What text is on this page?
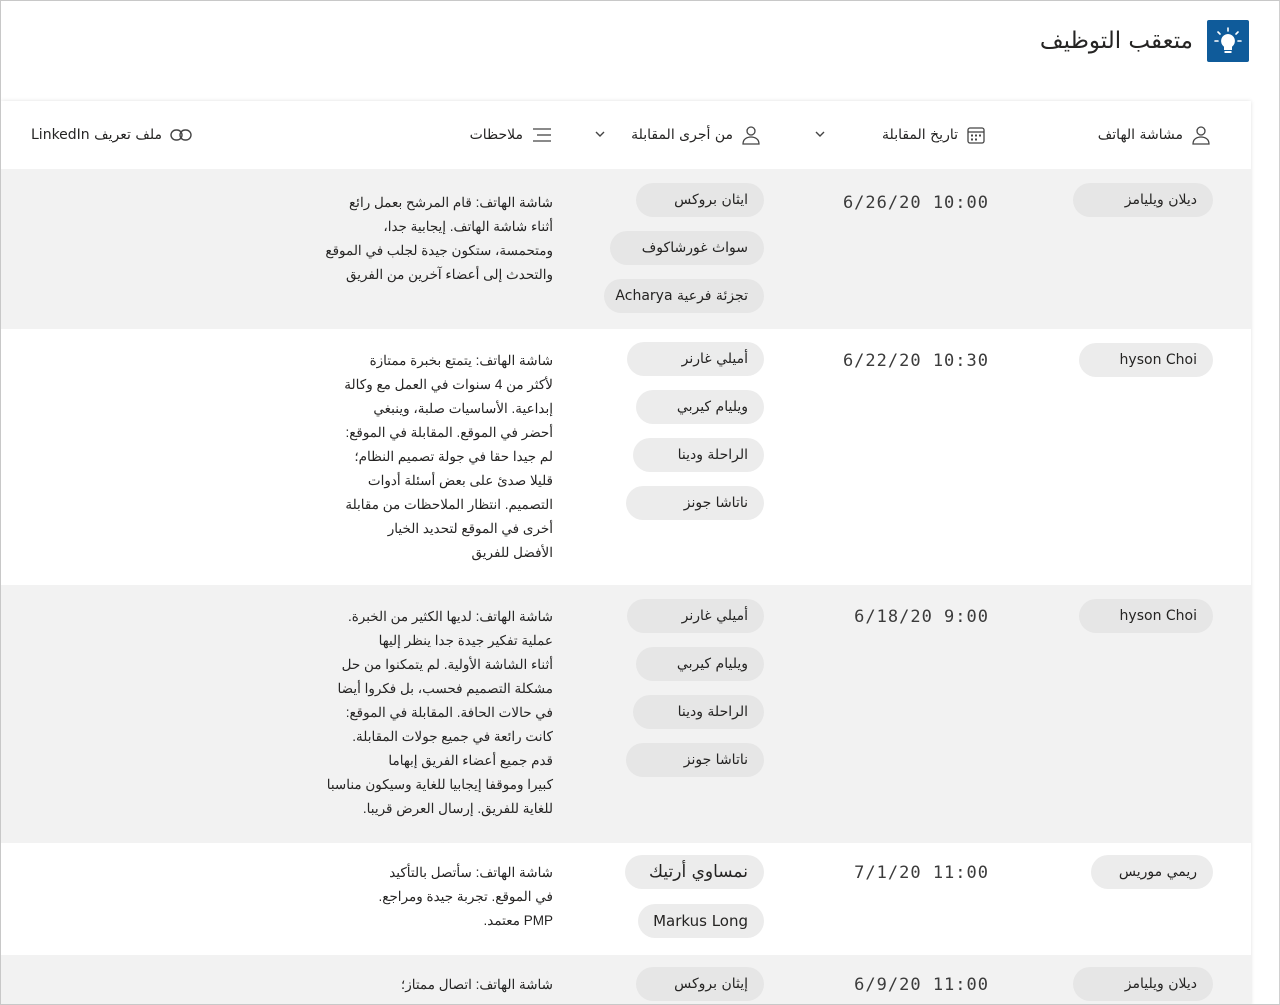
متعقب التوظيف
مشاشة الهاتف
تاريخ المقابلة
من أجرى المقابلة
ملاحظات
ملف تعريف LinkedIn
ديلان ويليامز
6/26/20 10:00
ايثان بروكس
سواث غورشاكوف
تجزئة فرعية Acharya
شاشة الهاتف: قام المرشح بعمل رائع
أثناء شاشة الهاتف. إيجابية جدا،
ومتحمسة، ستكون جيدة لجلب في الموقع
والتحدث إلى أعضاء آخرين من الفريق
hyson Choi
6/22/20 10:30
أميلي غارنر
ويليام كيربي
الراحلة ودينا
ناتاشا جونز
شاشة الهاتف: يتمتع بخبرة ممتازة
لأكثر من 4 سنوات في العمل مع وكالة
إبداعية. الأساسيات صلبة، وينبغي
أحضر في الموقع. المقابلة في الموقع:
لم جيدا حقا في جولة تصميم النظام؛
قليلا صدئ على بعض أسئلة أدوات
التصميم. انتظار الملاحظات من مقابلة
أخرى في الموقع لتحديد الخيار
الأفضل للفريق
hyson Choi
6/18/20 9:00
أميلي غارنر
ويليام كيربي
الراحلة ودينا
ناتاشا جونز
شاشة الهاتف: لديها الكثير من الخبرة.
عملية تفكير جيدة جدا ينظر إليها
أثناء الشاشة الأولية. لم يتمكنوا من حل
مشكلة التصميم فحسب، بل فكروا أيضا
في حالات الحافة. المقابلة في الموقع:
كانت رائعة في جميع جولات المقابلة.
قدم جميع أعضاء الفريق إبهاما
كبيرا وموقفا إيجابيا للغاية وسيكون مناسبا
للغاية للفريق. إرسال العرض قريبا.
ريمي موريس
7/1/20 11:00
نمساوي أرتيك
Markus Long
شاشة الهاتف: سأتصل بالتأكيد
في الموقع. تجربة جيدة ومراجع.
PMP معتمد.
ديلان ويليامز
6/9/20 11:00
إيثان بروكس
شاشة الهاتف: اتصال ممتاز؛
